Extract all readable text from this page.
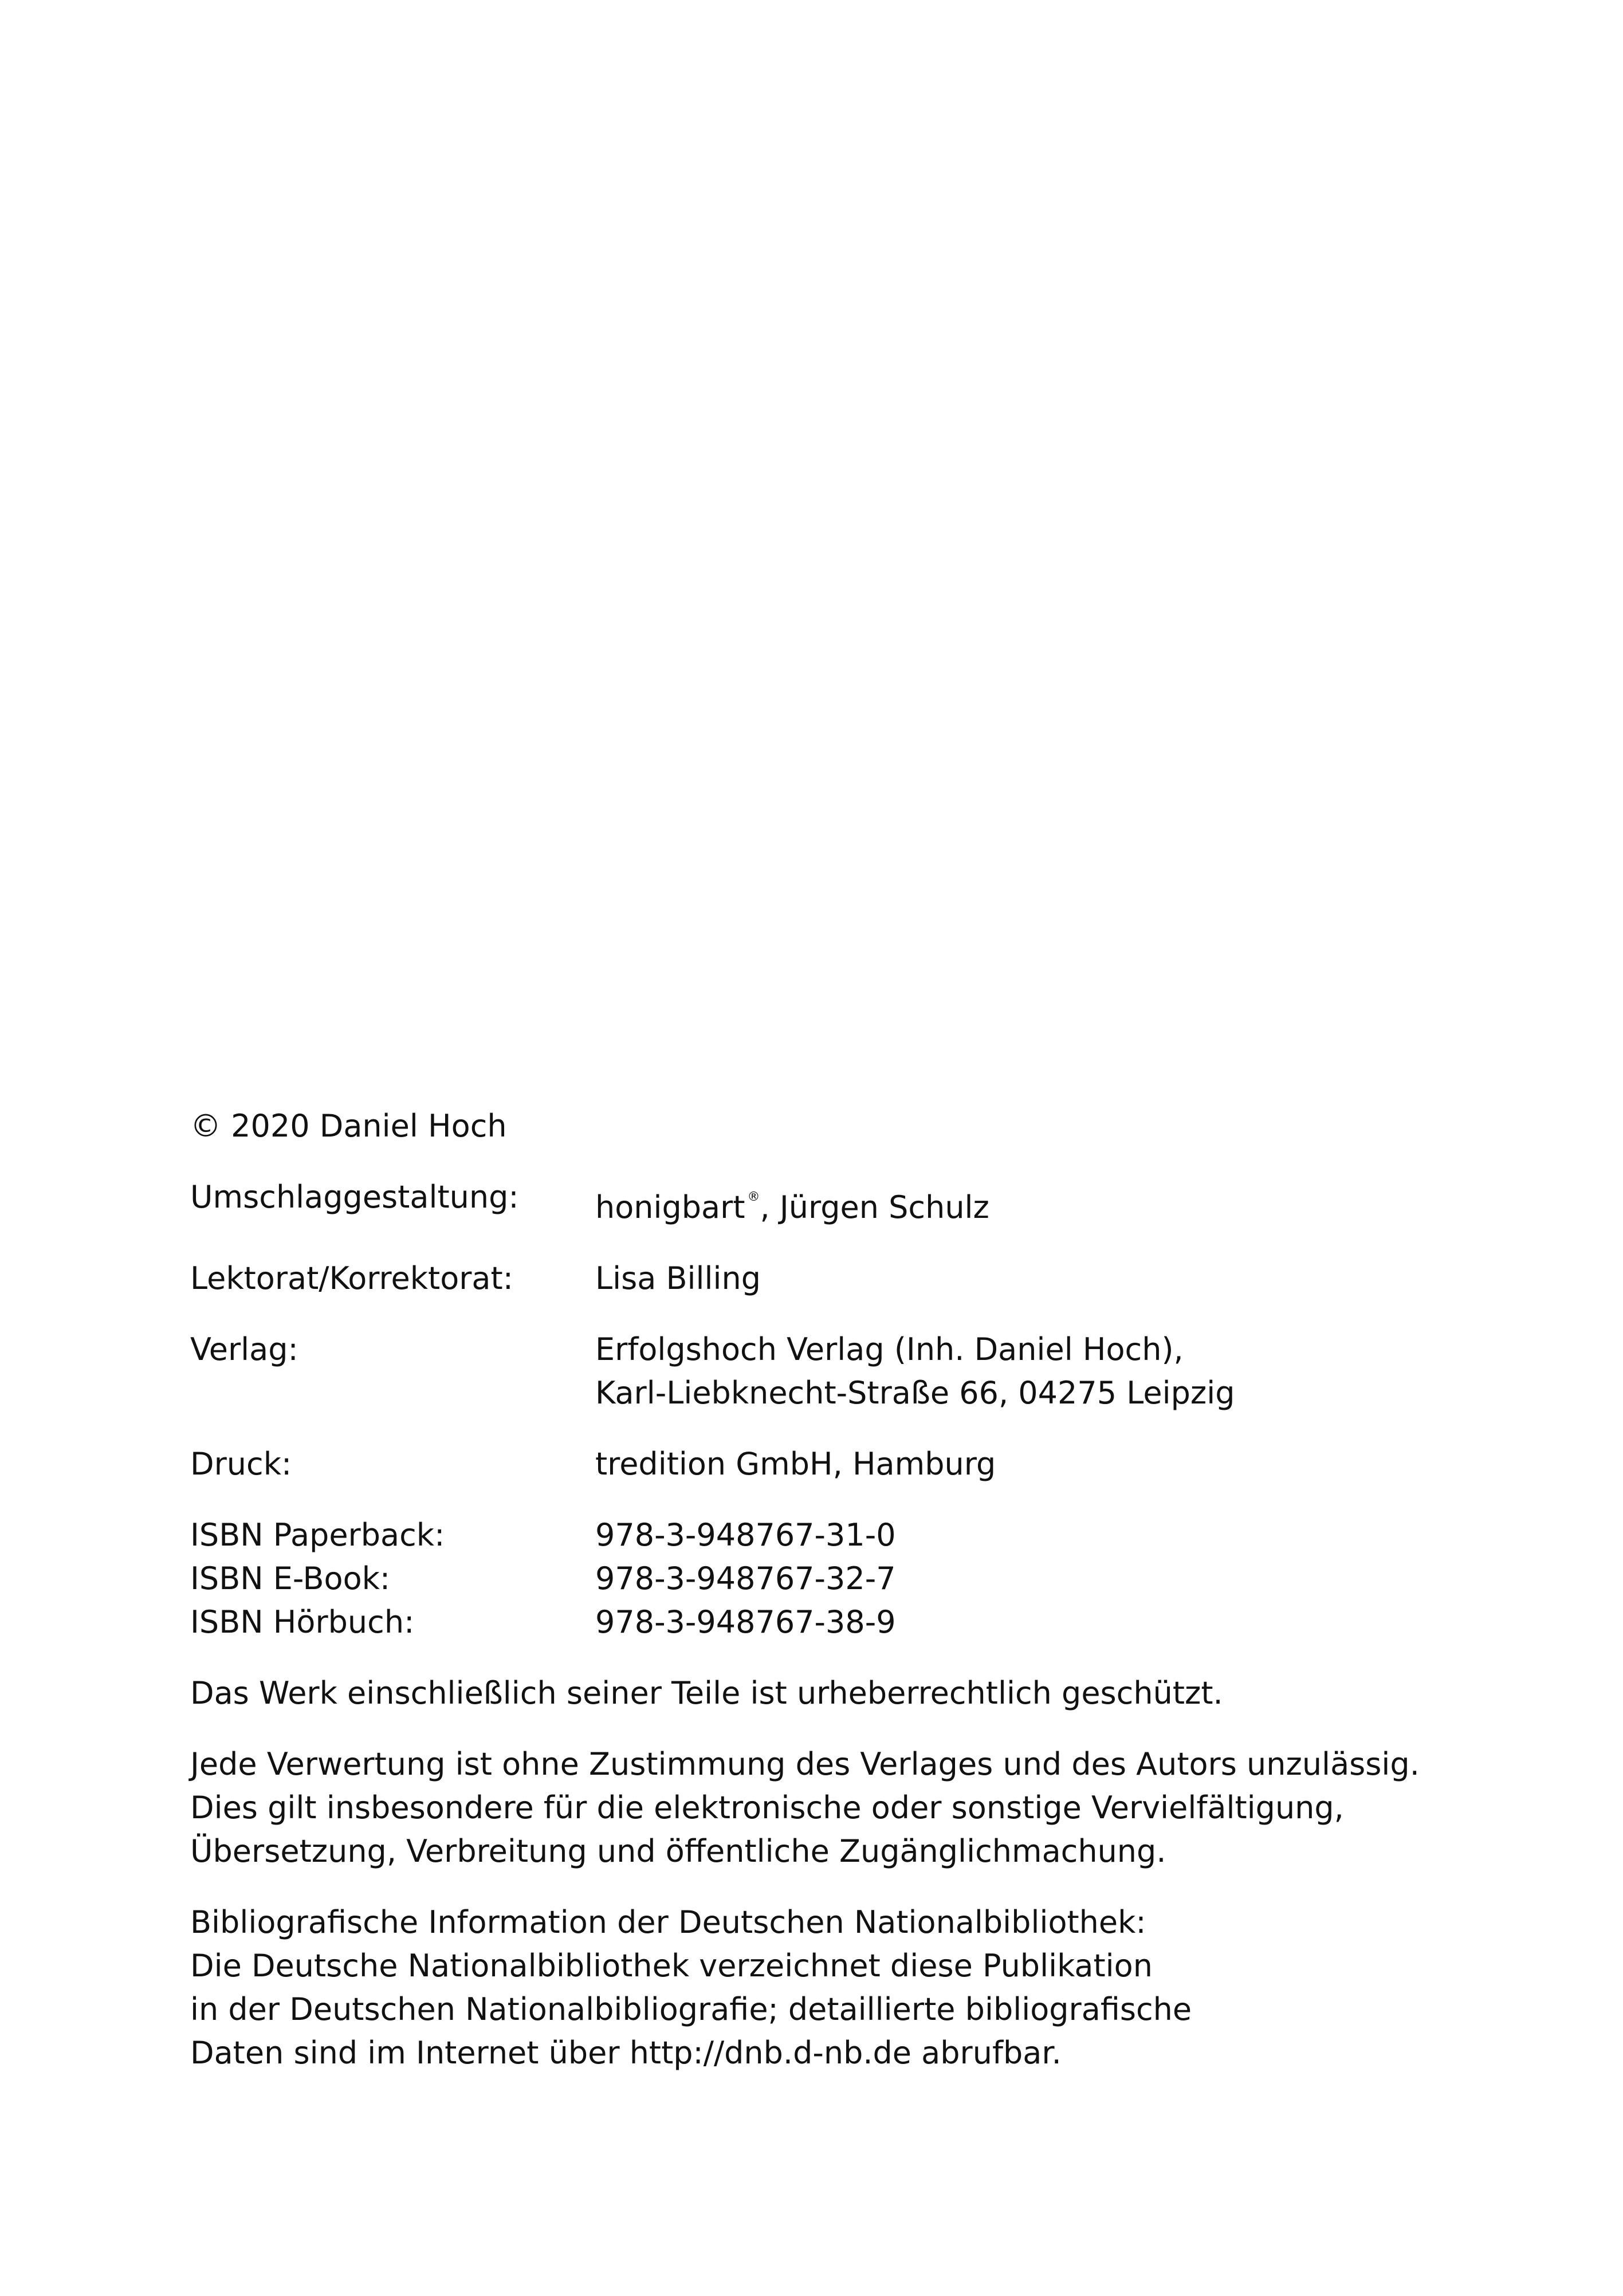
© 2020 Daniel Hoch
Umschlaggestaltung:	honigbart ®, Jürgen Schulz
Lektorat/Korrektorat:	Lisa Billing
Verlag:	Erfolgshoch Verlag (Inh. Daniel Hoch),
Karl-Liebknecht-Straße 66, 04275 Leipzig
Druck:	tredition GmbH, Hamburg
ISBN Paperback:	978-3-948767-31-0
ISBN E-Book:	978-3-948767-32-7
ISBN Hörbuch:	978-3-948767-38-9
Das Werk einschließlich seiner Teile ist urheberrechtlich geschützt.
Jede Verwertung ist ohne Zustimmung des Verlages und des Autors unzulässig.
Dies gilt insbesondere für die elektronische oder sonstige Vervielfältigung,
Übersetzung, Verbreitung und öffentliche Zugänglichmachung.
Bibliografische Information der Deutschen Nationalbibliothek:
Die Deutsche Nationalbibliothek verzeichnet diese Publikation
in der Deutschen Nationalbibliografie; detaillierte bibliografische
Daten sind im Internet über http://dnb.d-nb.de abrufbar.
